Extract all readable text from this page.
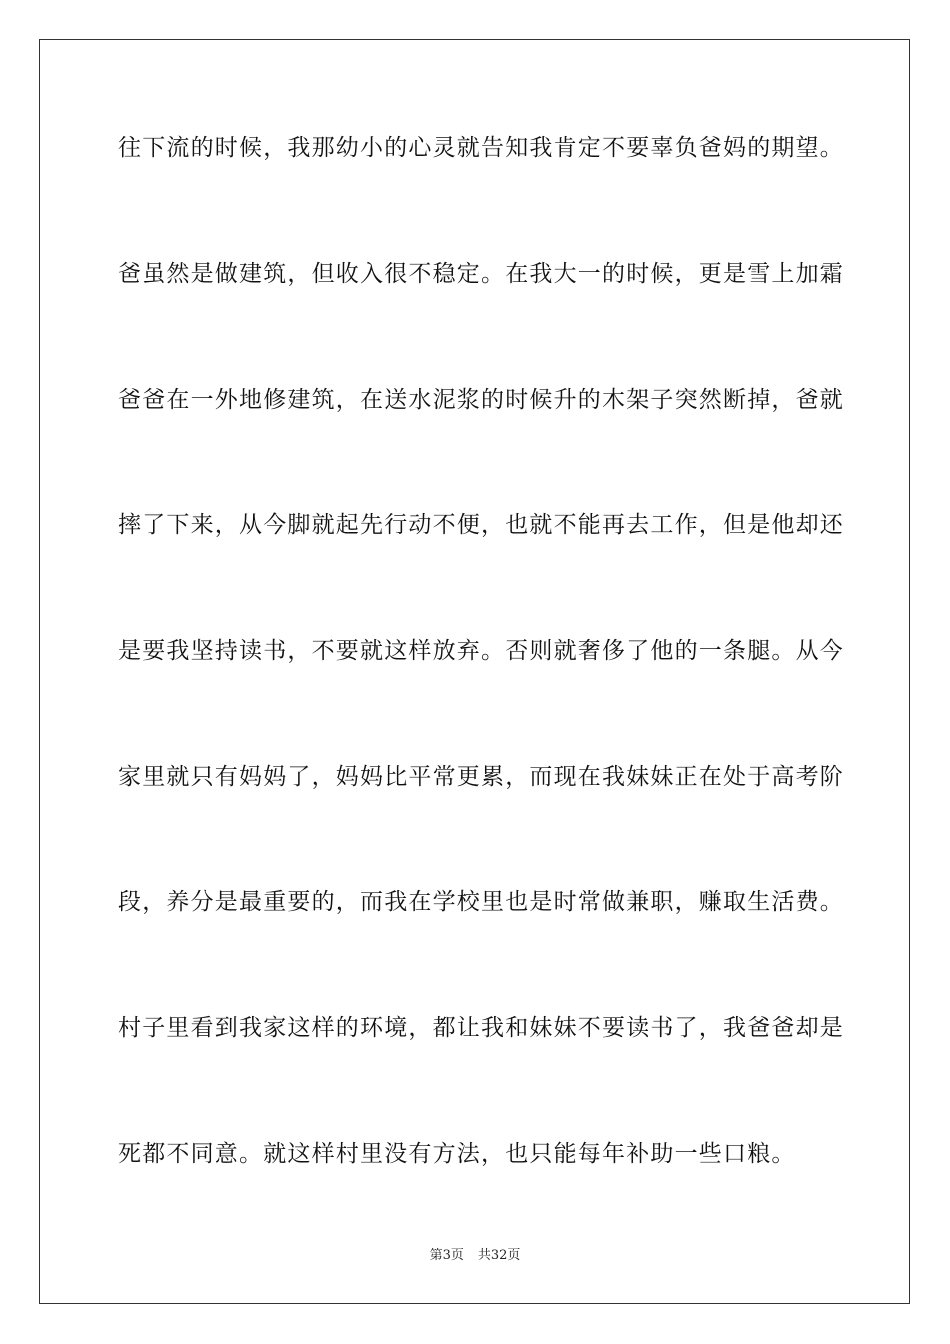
往下流的时候，我那幼小的心灵就告知我肯定不要辜负爸妈的期望。
爸虽然是做建筑，但收入很不稳定。在我大一的时候，更是雪上加霜
爸爸在一外地修建筑，在送水泥浆的时候升的木架子突然断掉，爸就
摔了下来，从今脚就起先行动不便，也就不能再去工作，但是他却还
是要我坚持读书，不要就这样放弃。否则就奢侈了他的一条腿。从今
家里就只有妈妈了，妈妈比平常更累，而现在我妹妹正在处于高考阶
段，养分是最重要的，而我在学校里也是时常做兼职，赚取生活费。
村子里看到我家这样的环境，都让我和妹妹不要读书了，我爸爸却是
死都不同意。就这样村里没有方法，也只能每年补助一些口粮。
第3页 共32页
